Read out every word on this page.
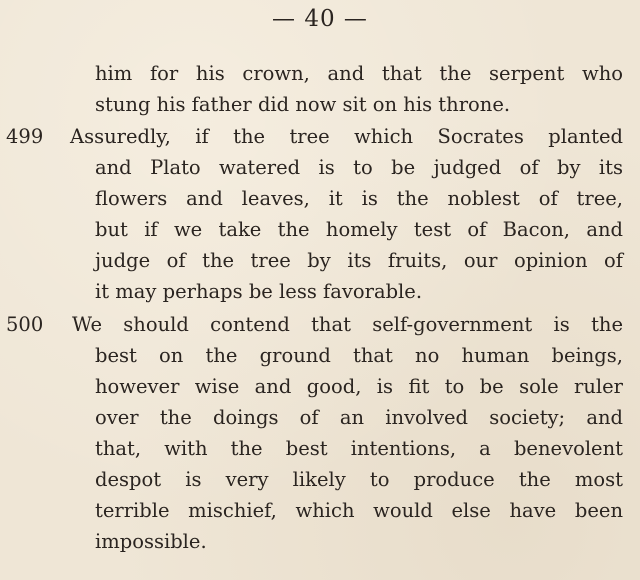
— 40 —
him for his crown, and that the serpent who
stung his father did now sit on his throne.
499 Assuredly, if the tree which Socrates planted
and Plato watered is to be judged of by its
flowers and leaves, it is the noblest of tree,
but if we take the homely test of Bacon, and
judge of the tree by its fruits, our opinion of
it may perhaps be less favorable.
500 We should contend that self-government is the
best on the ground that no human beings,
however wise and good, is fit to be sole ruler
over the doings of an involved society; and
that, with the best intentions, a benevolent
despot is very likely to produce the most
terrible mischief, which would else have been
impossible.
